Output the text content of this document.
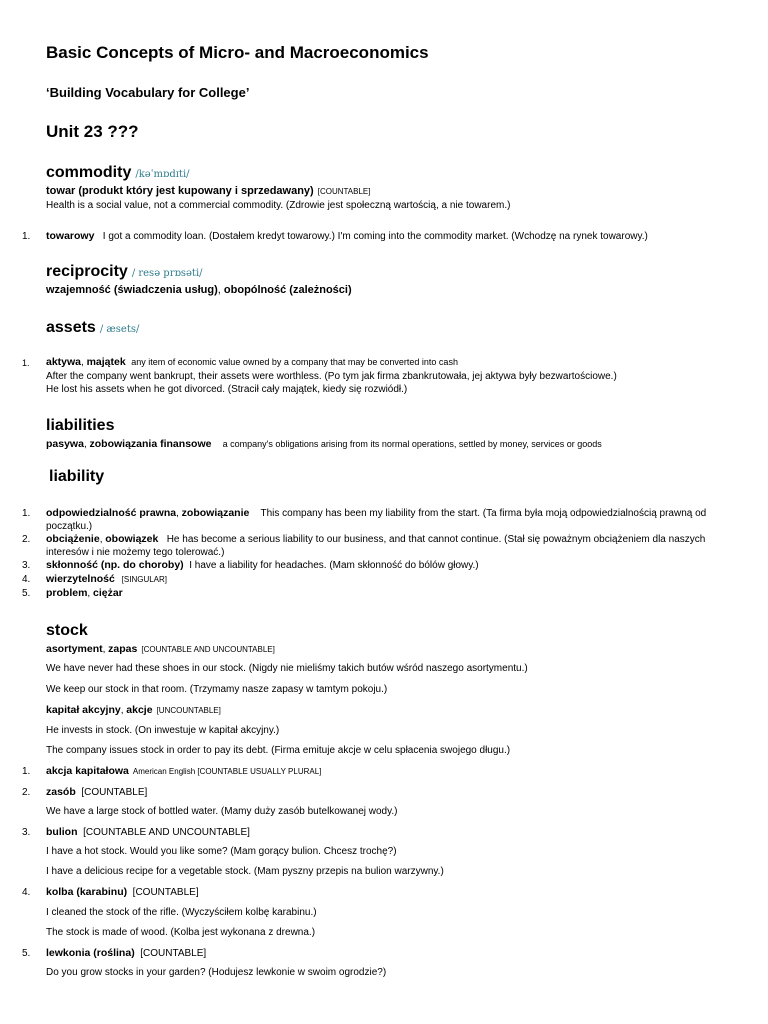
Basic Concepts of Micro- and Macroeconomics
‘Building Vocabulary for College’
Unit 23 ???
commodity /kəˈmɒdɪti/
towar (produkt który jest kupowany i sprzedawany) [COUNTABLE]
Health is a social value, not a commercial commodity. (Zdrowie jest społeczną wartością, a nie towarem.)
1. towarowy I got a commodity loan. (Dostałem kredyt towarowy.) I'm coming into the commodity market. (Wchodzę na rynek towarowy.)
reciprocity / resə prɒsəti/
wzajemność (świadczenia usług), obopólność (zależności)
assets / æsets/
1. aktywa, majątek any item of economic value owned by a company that may be converted into cash
After the company went bankrupt, their assets were worthless. (Po tym jak firma zbankrutowała, jej aktywa były bezwartościowe.)
He lost his assets when he got divorced. (Stracił cały majątek, kiedy się rozwiódł.)
liabilities
pasywa, zobowiązania finansowe a company's obligations arising from its normal operations, settled by money, services or goods
liability
1. odpowiedzialność prawna, zobowiązanie This company has been my liability from the start. (Ta firma była moją odpowiedzialnością prawną od początku.)
2. obciążenie, obowiązek He has become a serious liability to our business, and that cannot continue. (Stał się poważnym obciążeniem dla naszych interesów i nie możemy tego tolerować.)
3. skłonność (np. do choroby) I have a liability for headaches. (Mam skłonność do bólów głowy.)
4. wierzytelność [SINGULAR]
5. problem, ciężar
stock
asortyment, zapas [COUNTABLE AND UNCOUNTABLE]
We have never had these shoes in our stock. (Nigdy nie mieliśmy takich butów wśród naszego asortymentu.)
We keep our stock in that room. (Trzymamy nasze zapasy w tamtym pokoju.)
kapitał akcyjny, akcje [UNCOUNTABLE]
He invests in stock. (On inwestuje w kapitał akcyjny.)
The company issues stock in order to pay its debt. (Firma emituje akcje w celu spłacenia swojego długu.)
1. akcja kapitałowa American English [COUNTABLE USUALLY PLURAL]
2. zasób [COUNTABLE]
We have a large stock of bottled water. (Mamy duży zasób butelkowanej wody.)
3. bulion [COUNTABLE AND UNCOUNTABLE]
I have a hot stock. Would you like some? (Mam gorący bulion. Chcesz trochę?)
I have a delicious recipe for a vegetable stock. (Mam pyszny przepis na bulion warzywny.)
4. kolba (karabinu) [COUNTABLE]
I cleaned the stock of the rifle. (Wyczyściłem kolbę karabinu.)
The stock is made of wood. (Kolba jest wykonana z drewna.)
5. lewkonia (roślina) [COUNTABLE]
Do you grow stocks in your garden? (Hodujesz lewkonie w swoim ogrodzie?)
